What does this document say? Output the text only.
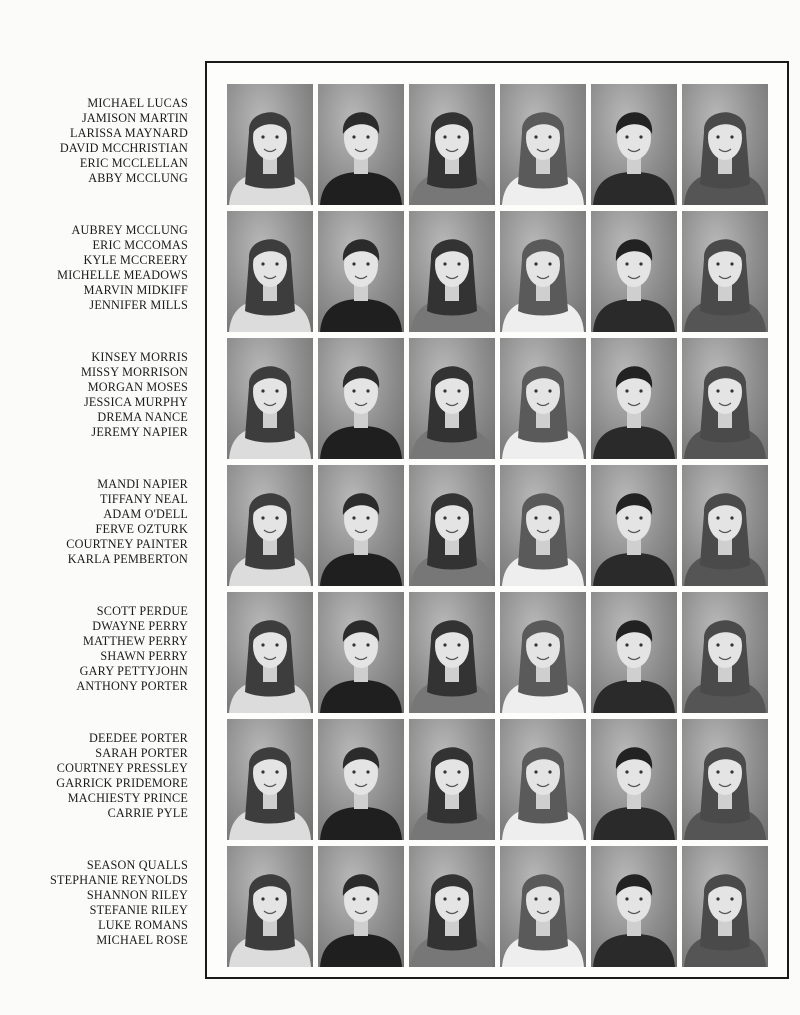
MICHAEL LUCAS
JAMISON MARTIN
LARISSA MAYNARD
DAVID MCCHRISTIAN
ERIC MCCLELLAN
ABBY MCCLUNG
AUBREY MCCLUNG
ERIC MCCOMAS
KYLE MCCREERY
MICHELLE MEADOWS
MARVIN MIDKIFF
JENNIFER MILLS
KINSEY MORRIS
MISSY MORRISON
MORGAN MOSES
JESSICA MURPHY
DREMA NANCE
JEREMY NAPIER
MANDI NAPIER
TIFFANY NEAL
ADAM O'DELL
FERVE OZTURK
COURTNEY PAINTER
KARLA PEMBERTON
SCOTT PERDUE
DWAYNE PERRY
MATTHEW PERRY
SHAWN PERRY
GARY PETTYJOHN
ANTHONY PORTER
DEEDEE PORTER
SARAH PORTER
COURTNEY PRESSLEY
GARRICK PRIDEMORE
MACHIESTY PRINCE
CARRIE PYLE
SEASON QUALLS
STEPHANIE REYNOLDS
SHANNON RILEY
STEFANIE RILEY
LUKE ROMANS
MICHAEL ROSE
